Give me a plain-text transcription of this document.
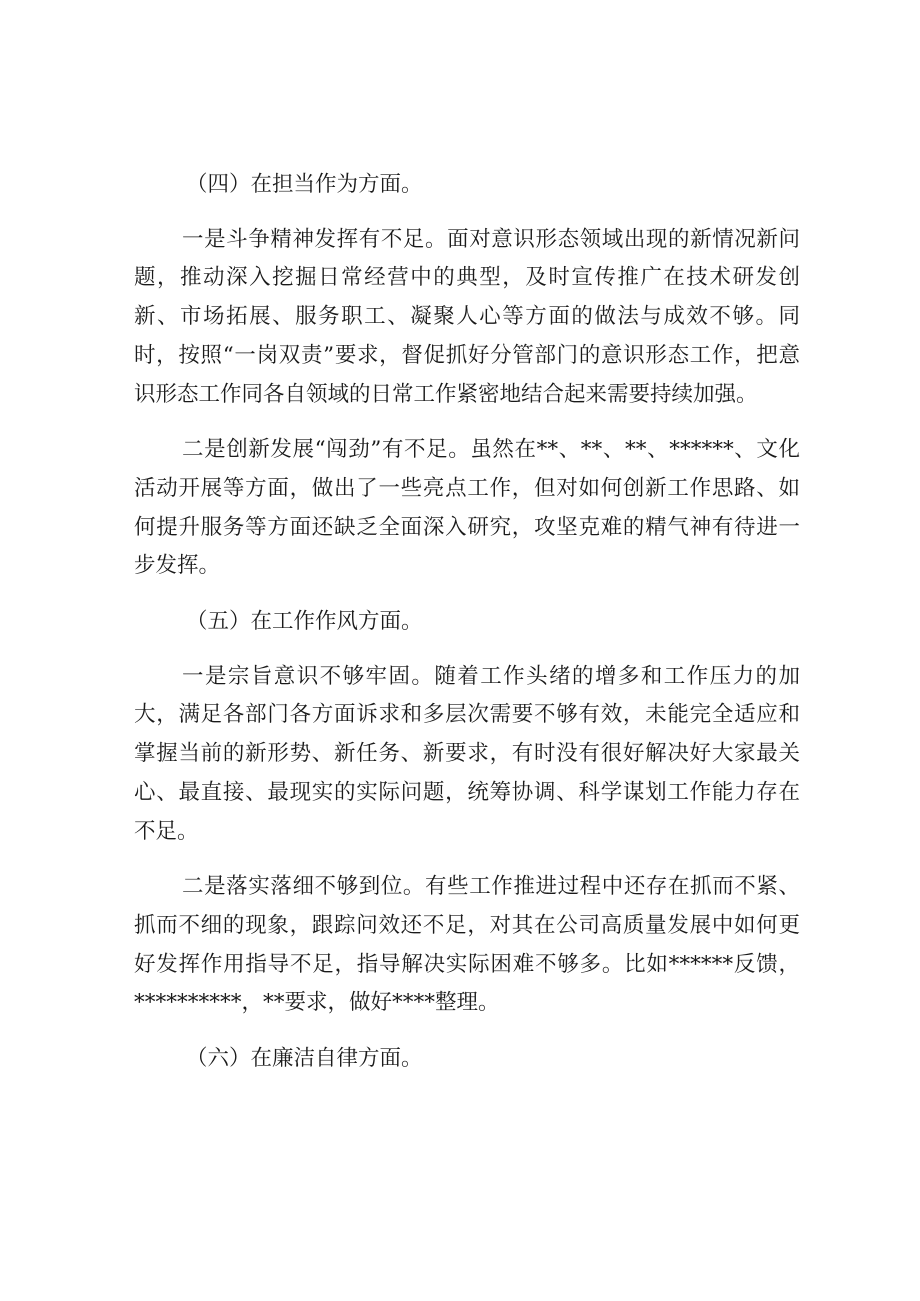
（四）在担当作为方面。

一是斗争精神发挥有不足。面对意识形态领域出现的新情况新问题，推动深入挖掘日常经营中的典型，及时宣传推广在技术研发创新、市场拓展、服务职工、凝聚人心等方面的做法与成效不够。同时，按照“一岗双责”要求，督促抓好分管部门的意识形态工作，把意识形态工作同各自领域的日常工作紧密地结合起来需要持续加强。

二是创新发展“闯劲”有不足。虽然在**、**、**、******、文化活动开展等方面，做出了一些亮点工作，但对如何创新工作思路、如何提升服务等方面还缺乏全面深入研究，攻坚克难的精气神有待进一步发挥。

（五）在工作作风方面。

一是宗旨意识不够牢固。随着工作头绪的增多和工作压力的加大，满足各部门各方面诉求和多层次需要不够有效，未能完全适应和掌握当前的新形势、新任务、新要求，有时没有很好解决好大家最关心、最直接、最现实的实际问题，统筹协调、科学谋划工作能力存在不足。

二是落实落细不够到位。有些工作推进过程中还存在抓而不紧、抓而不细的现象，跟踪问效还不足，对其在公司高质量发展中如何更好发挥作用指导不足，指导解决实际困难不够多。比如******反馈，**********，**要求，做好****整理。

（六）在廉洁自律方面。
